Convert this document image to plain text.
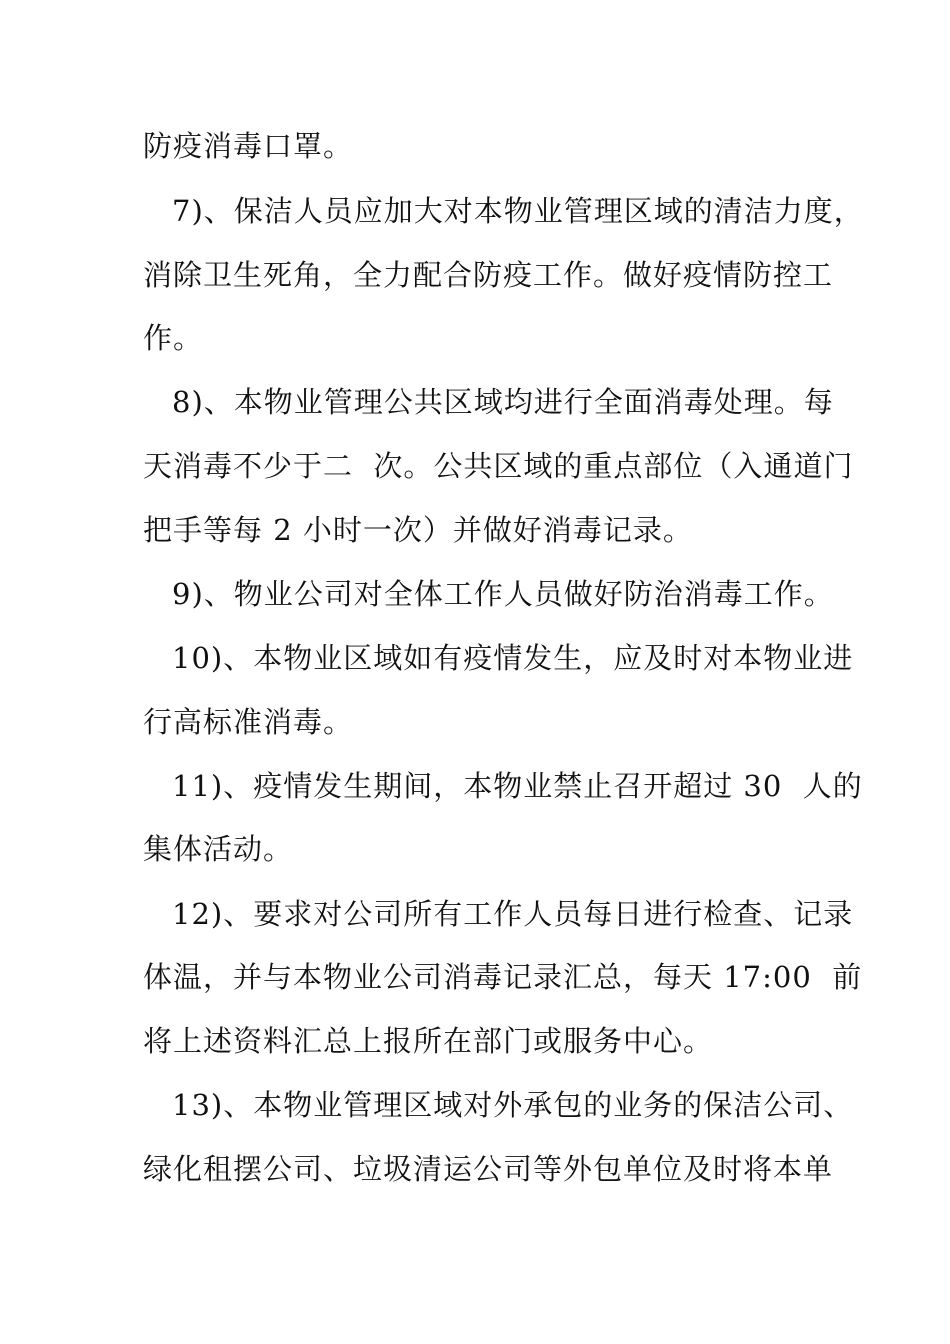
防疫消毒口罩。
7)、保洁人员应加大对本物业管理区域的清洁力度，
消除卫生死角，全力配合防疫工作。做好疫情防控工
作。
8)、本物业管理公共区域均进行全面消毒处理。每
天消毒不少于二  次。公共区域的重点部位（入通道门
把手等每 2 小时一次）并做好消毒记录。
9)、物业公司对全体工作人员做好防治消毒工作。
10)、本物业区域如有疫情发生，应及时对本物业进
行高标准消毒。
11)、疫情发生期间，本物业禁止召开超过 30  人的
集体活动。
12)、要求对公司所有工作人员每日进行检查、记录
体温，并与本物业公司消毒记录汇总，每天 17:00  前
将上述资料汇总上报所在部门或服务中心。
13)、本物业管理区域对外承包的业务的保洁公司、
绿化租摆公司、垃圾清运公司等外包单位及时将本单
